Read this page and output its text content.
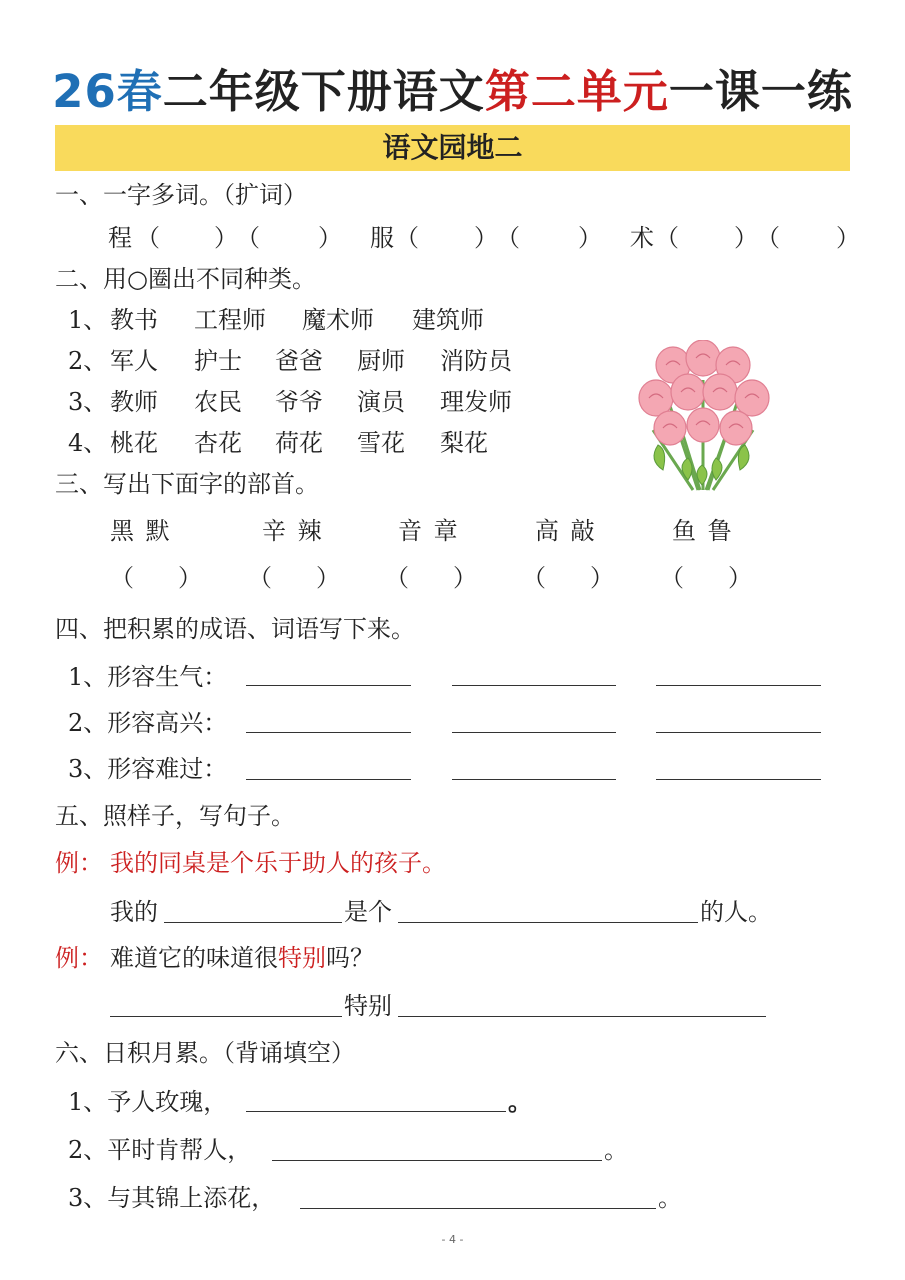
26春二年级下册语文第二单元一课一练
语文园地二
一、一字多词。（扩词）
程 （ ）
（ ） 服 （ ）
（ ） 术 （ ）
（ ）
二、用○圈出不同种类。
1、 教书 工程师 魔术师 建筑师
2、 军人 护士 爸爸 厨师 消防员
3、 教师 农民 爷爷 演员 理发师
4、 桃花 杏花 荷花 雪花 梨花
三、写出下面字的部首。
黑 默	辛 辣	音 章	高 敲	鱼 鲁
（ ） （ ） （ ） （ ） （ ）
四、把积累的成语、词语写下来。
1、形容生气：
2、形容高兴：
3、形容难过：
五、照样子，写句子。
例： 我的同桌是个乐于助人的孩子。
我的	是个	的人。
例： 难道它的味道很特别吗？
特别
六、日积月累。（背诵填空）
1、予人玫瑰，	。
2、平时肯帮人，	。
3、与其锦上添花，	。
- 4 -
